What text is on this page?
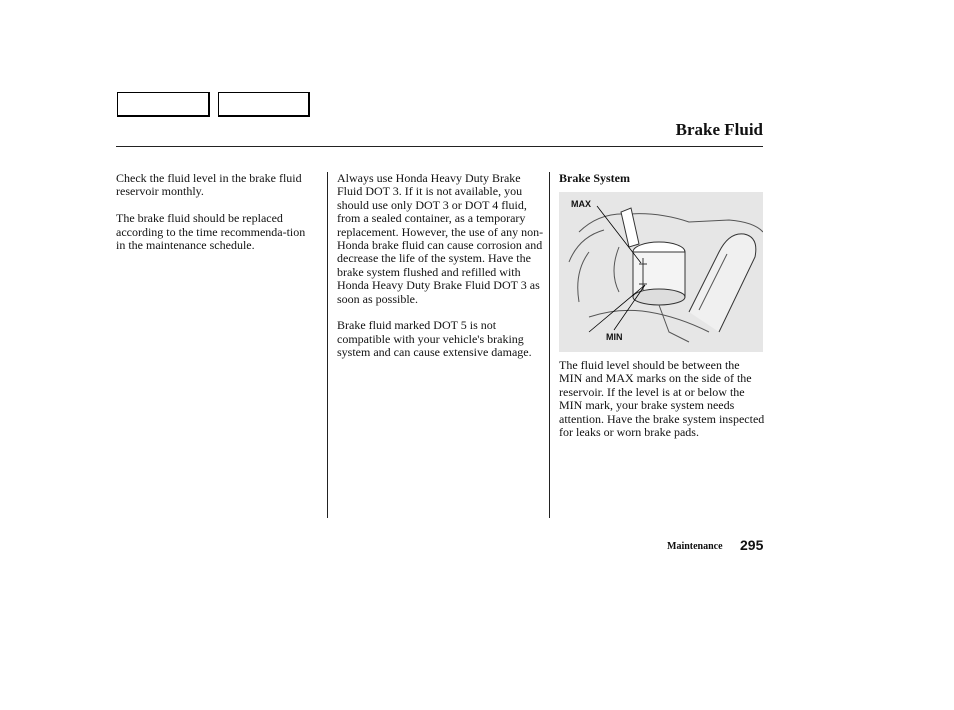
Brake Fluid

Check the fluid level in the brake fluid reservoir monthly.

The brake fluid should be replaced according to the time recommenda-tion in the maintenance schedule.

Always use Honda Heavy Duty Brake Fluid DOT 3. If it is not available, you should use only DOT 3 or DOT 4 fluid, from a sealed container, as a temporary replacement. However, the use of any non-Honda brake fluid can cause corrosion and decrease the life of the system. Have the brake system flushed and refilled with Honda Heavy Duty Brake Fluid DOT 3 as soon as possible.

Brake fluid marked DOT 5 is not compatible with your vehicle's braking system and can cause extensive damage.

Brake System

MAX
MIN

The fluid level should be between the MIN and MAX marks on the side of the reservoir. If the level is at or below the MIN mark, your brake system needs attention. Have the brake system inspected for leaks or worn brake pads.

Maintenance 295
